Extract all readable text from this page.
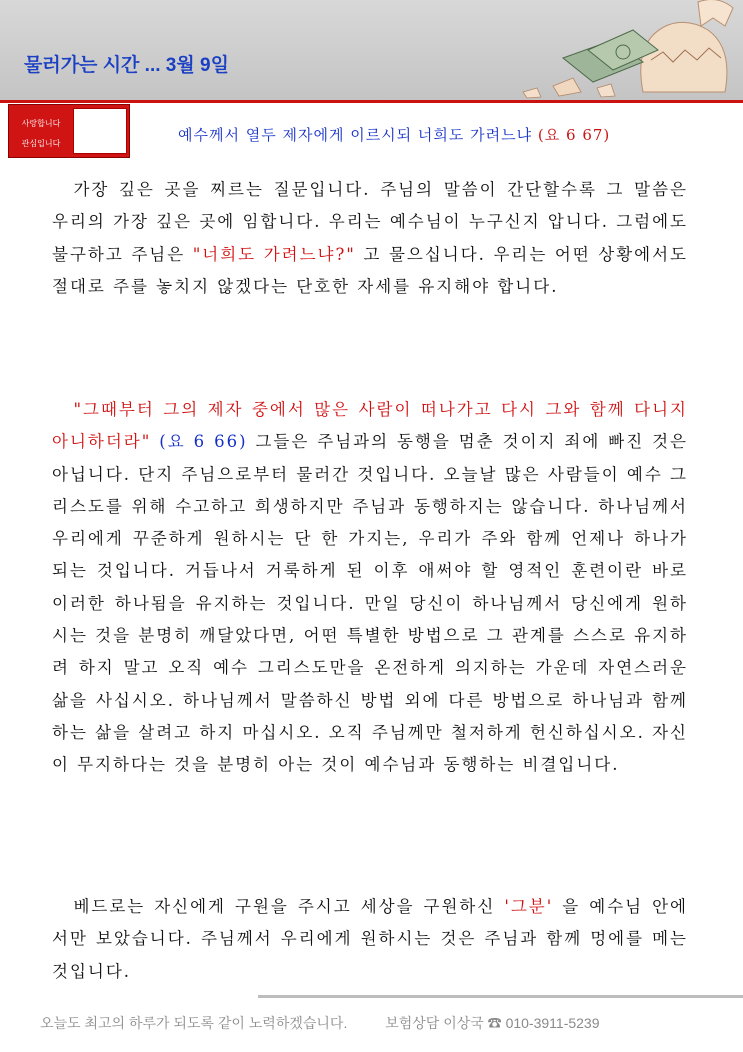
물러가는 시간 ... 3월 9일
사랑합니다
관심입니다	예수께서 열두 제자에게 이르시되 너희도 가려느냐 (요 6 67)

가장 깊은 곳을 찌르는 질문입니다. 주님의 말씀이 간단할수록 그 말씀은 우리의 가장 깊은 곳에 임합니다. 우리는 예수님이 누구신지 압니다. 그럼에도 불구하고 주님은 "너희도 가려느냐?" 고 물으십니다. 우리는 어떤 상황에서도 절대로 주를 놓치지 않겠다는 단호한 자세를 유지해야 합니다.

"그때부터 그의 제자 중에서 많은 사람이 떠나가고 다시 그와 함께 다니지 아니하더라" (요 6 66) 그들은 주님과의 동행을 멈춘 것이지 죄에 빠진 것은 아닙니다. 단지 주님으로부터 물러간 것입니다. 오늘날 많은 사람들이 예수 그리스도를 위해 수고하고 희생하지만 주님과 동행하지는 않습니다. 하나님께서 우리에게 꾸준하게 원하시는 단 한 가지는, 우리가 주와 함께 언제나 하나가 되는 것입니다. 거듭나서 거룩하게 된 이후 애써야 할 영적인 훈련이란 바로 이러한 하나됨을 유지하는 것입니다. 만일 당신이 하나님께서 당신에게 원하시는 것을 분명히 깨달았다면, 어떤 특별한 방법으로 그 관계를 스스로 유지하려 하지 말고 오직 예수 그리스도만을 온전하게 의지하는 가운데 자연스러운 삶을 사십시오. 하나님께서 말씀하신 방법 외에 다른 방법으로 하나님과 함께하는 삶을 살려고 하지 마십시오. 오직 주님께만 철저하게 헌신하십시오. 자신이 무지하다는 것을 분명히 아는 것이 예수님과 동행하는 비결입니다.

베드로는 자신에게 구원을 주시고 세상을 구원하신 '그분' 을 예수님 안에서만 보았습니다. 주님께서 우리에게 원하시는 것은 주님과 함께 멍에를 메는 것입니다.

오늘도 최고의 하루가 되도록 같이 노력하겠습니다.	보험상담 이상국 ☎ 010-3911-5239
